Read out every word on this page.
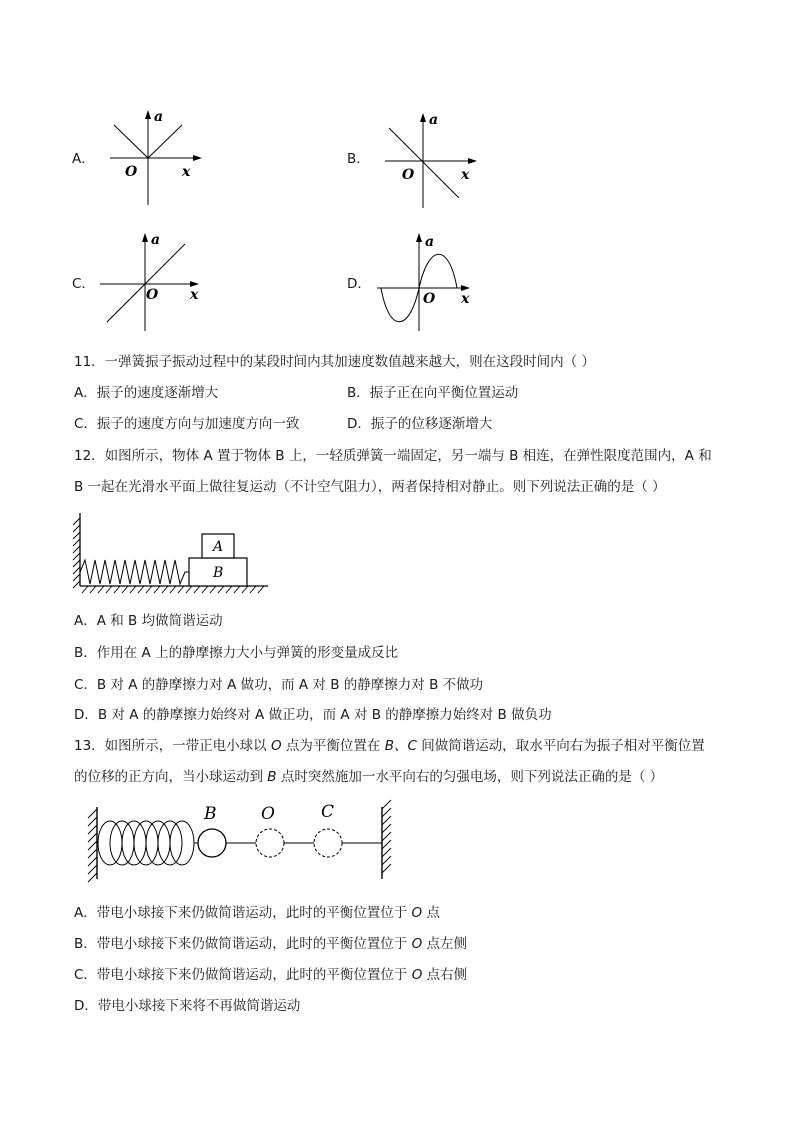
A．
a
O	x
B．
a
O	x
C．
a
O x
D．
a
O x
11．一弹簧振子振动过程中的某段时间内其加速度数值越来越大，则在这段时间内（ ）
A．振子的速度逐渐增大	B．振子正在向平衡位置运动
C．振子的速度方向与加速度方向一致	D．振子的位移逐渐增大
12．如图所示，物体 A 置于物体 B 上，一轻质弹簧一端固定，另一端与 B 相连，在弹性限度范围内，A 和
B 一起在光滑水平面上做往复运动（不计空气阻力），两者保持相对静止。则下列说法正确的是（ ）
A
B
A．A 和 B 均做简谐运动
B．作用在 A 上的静摩擦力大小与弹簧的形变量成反比
C．B 对 A 的静摩擦力对 A 做功，而 A 对 B 的静摩擦力对 B 不做功
D．B 对 A 的静摩擦力始终对 A 做正功，而 A 对 B 的静摩擦力始终对 B 做负功
13．如图所示，一带正电小球以 O 点为平衡位置在 B、C 间做简谐运动，取水平向右为振子相对平衡位置
的位移的正方向，当小球运动到 B 点时突然施加一水平向右的匀强电场，则下列说法正确的是（ ）
B	O	C
A．带电小球接下来仍做简谐运动，此时的平衡位置位于 O 点
B．带电小球接下来仍做简谐运动，此时的平衡位置位于 O 点左侧
C．带电小球接下来仍做简谐运动，此时的平衡位置位于 O 点右侧
D．带电小球接下来将不再做简谐运动
